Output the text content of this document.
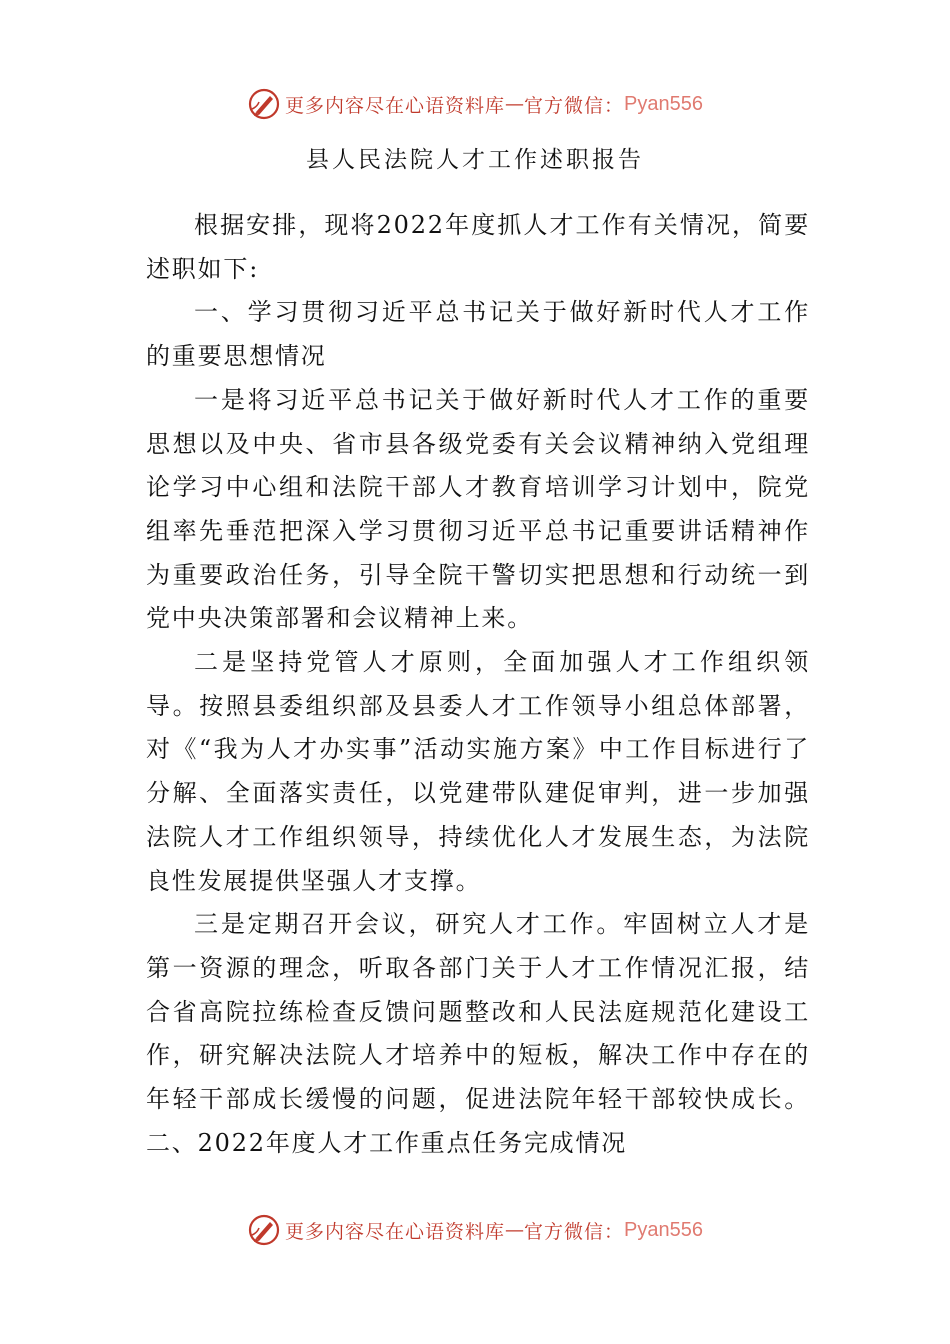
更多内容尽在心语资料库 — 官方微信： Pyan556
县人民法院人才工作述职报告

根据安排，现将2022年度抓人才工作有关情况，简要述职如下:

一、学习贯彻习近平总书记关于做好新时代人才工作的重要思想情况

一是将习近平总书记关于做好新时代人才工作的重要思想以及中央、省市县各级党委有关会议精神纳入党组理论学习中心组和法院干部人才教育培训学习计划中，院党组率先垂范把深入学习贯彻习近平总书记重要讲话精神作为重要政治任务，引导全院干警切实把思想和行动统一到党中央决策部署和会议精神上来。

二是坚持党管人才原则，全面加强人才工作组织领导。按照县委组织部及县委人才工作领导小组总体部署，对《“我为人才办实事”活动实施方案》中工作目标进行了分解、全面落实责任，以党建带队建促审判，进一步加强法院人才工作组织领导，持续优化人才发展生态，为法院良性发展提供坚强人才支撑。

三是定期召开会议，研究人才工作。牢固树立人才是第一资源的理念，听取各部门关于人才工作情况汇报，结合省高院拉练检查反馈问题整改和人民法庭规范化建设工作，研究解决法院人才培养中的短板，解决工作中存在的年轻干部成长缓慢的问题，促进法院年轻干部较快成长。二、2022年度人才工作重点任务完成情况

更多内容尽在心语资料库 — 官方微信： Pyan556
